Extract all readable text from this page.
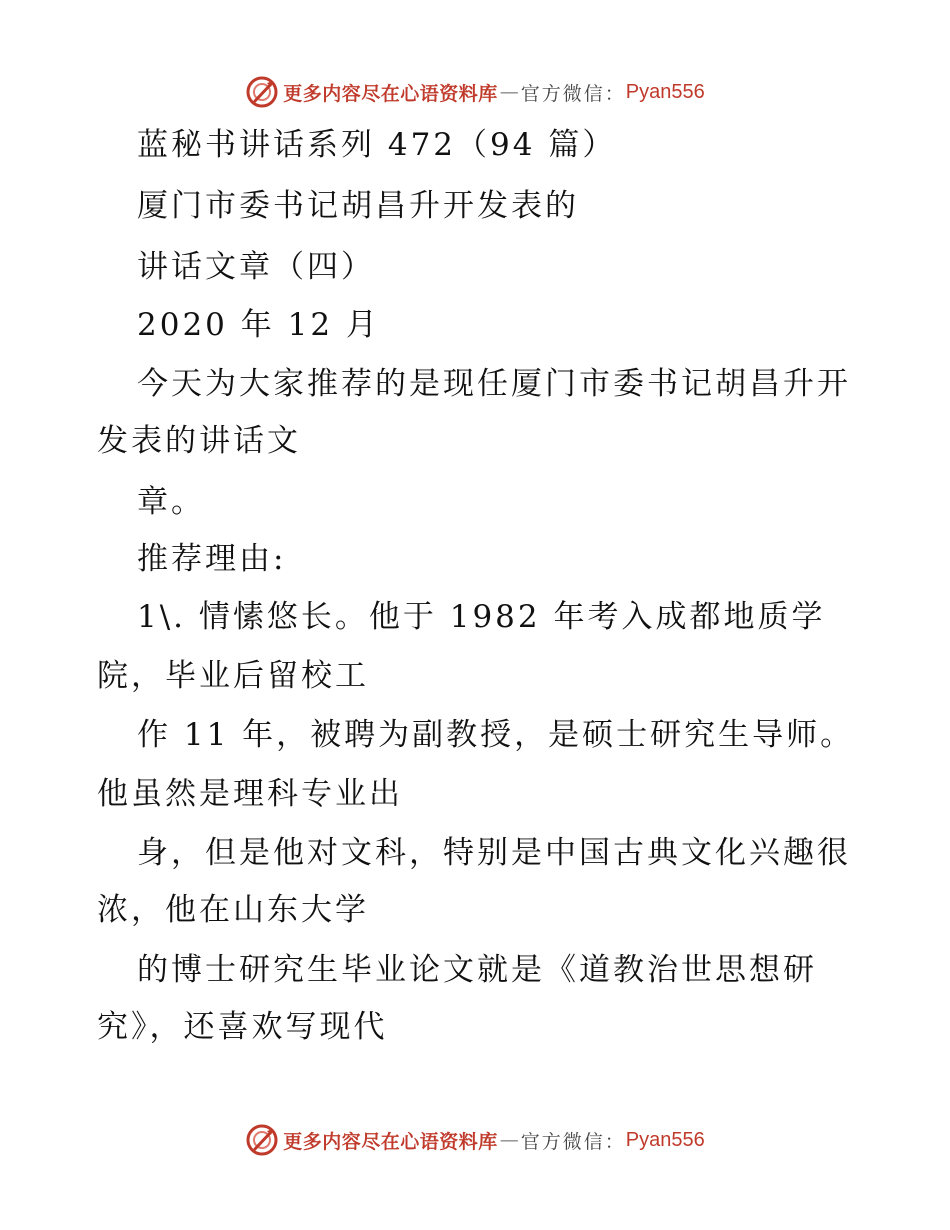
更多内容尽在心语资料库 — 官方微信： Pyan556
蓝秘书讲话系列 472（94 篇）
厦门市委书记胡昌升开发表的
讲话文章（四）
2020 年 12 月
今天为大家推荐的是现任厦门市委书记胡昌升开
发表的讲话文
章。
推荐理由:
1\. 情愫悠长。他于 1982 年考入成都地质学
院，毕业后留校工
作 11 年，被聘为副教授，是硕士研究生导师。
他虽然是理科专业出
身，但是他对文科，特别是中国古典文化兴趣很
浓，他在山东大学
的博士研究生毕业论文就是《道教治世思想研
究》，还喜欢写现代
更多内容尽在心语资料库 — 官方微信： Pyan556
